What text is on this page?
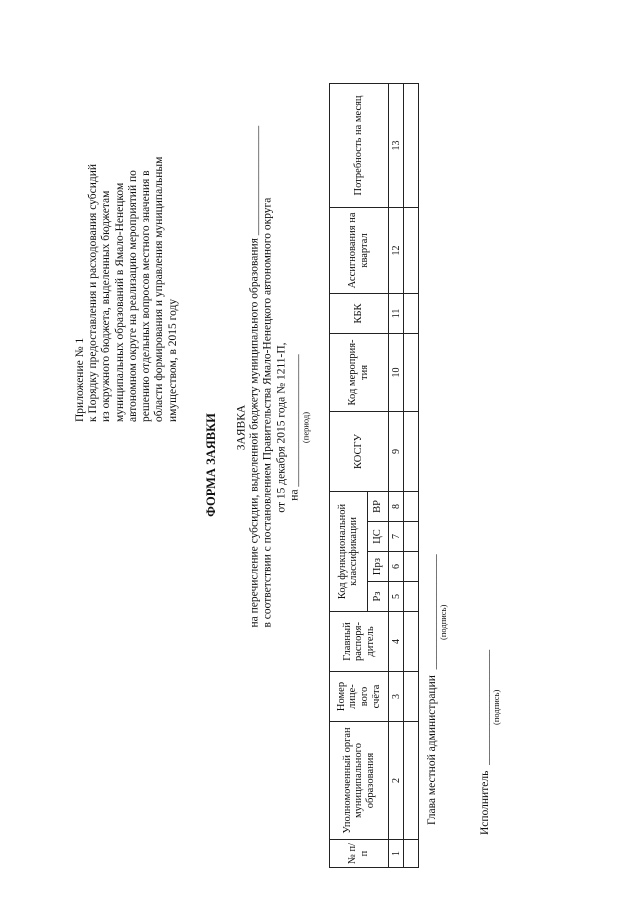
Приложение № 1 к Порядку предоставления и расходования субсидий из окружного бюджета, выделенных бюджетам муниципальных образований в Ямало-Ненецком автономном округе на реализацию мероприятий по решению отдельных вопросов местного значения в области формирования и управления муниципальным имуществом, в 2015 году
ФОРМА ЗАЯВКИ	ЗАЯВКА на перечисление субсидии, выделенной бюджету муниципального образования ___________________ в соответствии с постановлением Правительства Ямало-Ненецкого автономного округа от 15 декабря 2015 года № 1211-П, на _______________________ (период)
№ п/п	Уполномоченный орган муниципального образования	Номер лице- вого счёта	Главный распоря- дитель	Код функциональной классификации				КОСГУ	Код мероприя- тия	КБК	Ассигнования на квартал	Потребность на месяц
				Рз	Прз	ЦС	ВР					
1	2	3	4	5	6	7	8	9	10	11	12	13

Глава местной администрации  ____________________ (подпись)
Исполнитель  ____________________ (подпись)
